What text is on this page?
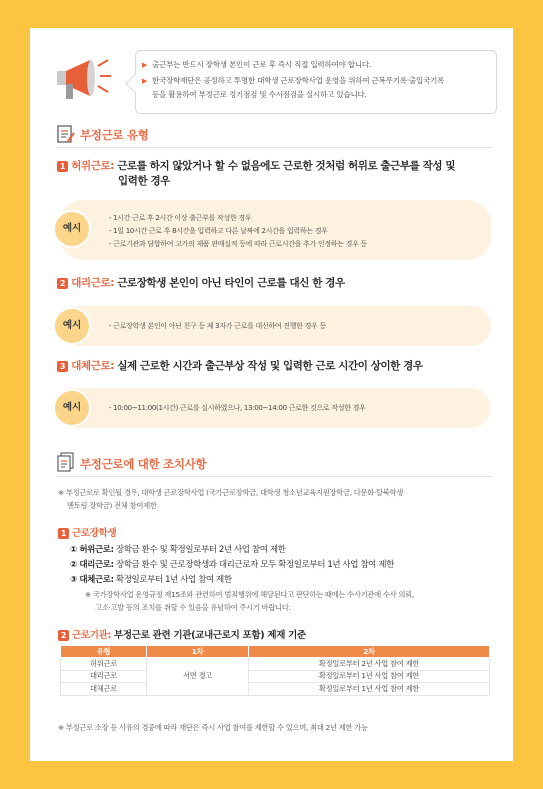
▶ 출근부는 반드시 장학생 본인이 근로 후 즉시 직접 입력하여야 합니다.
▶ 한국장학재단은 공정하고 투명한 대학생 근로장학사업 운영을 위하여 근복무기록·출입국기록
등을 활용하여 부정근로 정기점검 및 수시점검을 실시하고 있습니다.
부정근로 유형
1 허위근로: 근로를 하지 않았거나 할 수 없음에도 근로한 것처럼 허위로 출근부를 작성 및
입력한 경우
예시
- 1시간 근로 후 2시간 이상 출근부를 작성한 경우
- 1일 10시간 근로 후 8시간을 입력하고 다른 날짜에 2시간을 입력하는 경우
- 근로기관과 담합하여 고가의 제품 판매실적 등에 따라 근로시간을 추가 인정하는 경우 등
2 대리근로: 근로장학생 본인이 아닌 타인이 근로를 대신 한 경우
예시	- 근로장학생 본인이 아닌 친구 등 제 3자가 근로를 대신하여 진행한 경우 등
3 대체근로: 실제 근로한 시간과 출근부상 작성 및 입력한 근로 시간이 상이한 경우
예시	- 10:00~11:00(1시간) 근로를 실시하였으나, 13:00~14:00 근로한 것으로 작성한 경우
부정근로에 대한 조치사항
※ 부정근로로 확인될 경우, 대학생 근로장학사업 (국가근로장학금, 대학생 청소년교육지원장학금, 다문화·탈북학생
멘토링 장학금) 전체 참여제한
1 근로장학생
① 허위근로: 장학금 환수 및 확정일로부터 2년 사업 참여 제한
② 대리근로: 장학금 환수 및 근로장학생과 대리근로자 모두 확정일로부터 1년 사업 참여 제한
③ 대체근로: 확정일로부터 1년 사업 참여 제한
※ 국가장학사업 운영규정 제15조와 관련하여 범죄행위에 해당된다고 판단하는 때에는 수사기관에 수사 의뢰,
고소·고발 등의 조치를 취할 수 있음을 유념하여 주시기 바랍니다.
2 근로기관: 부정근로 관련 기관(교내근로지 포함) 제재 기준
유형	1차	2차
허위근로	서면 경고	확정일로부터 2년 사업 참여 제한
대리근로		확정일로부터 1년 사업 참여 제한
대체근로		확정일로부터 1년 사업 참여 제한
※ 부정근로 소장 등 사유의 경중에 따라 재단은 즉시 사업 참여를 제한할 수 있으며, 최대 2년 제한 가능
